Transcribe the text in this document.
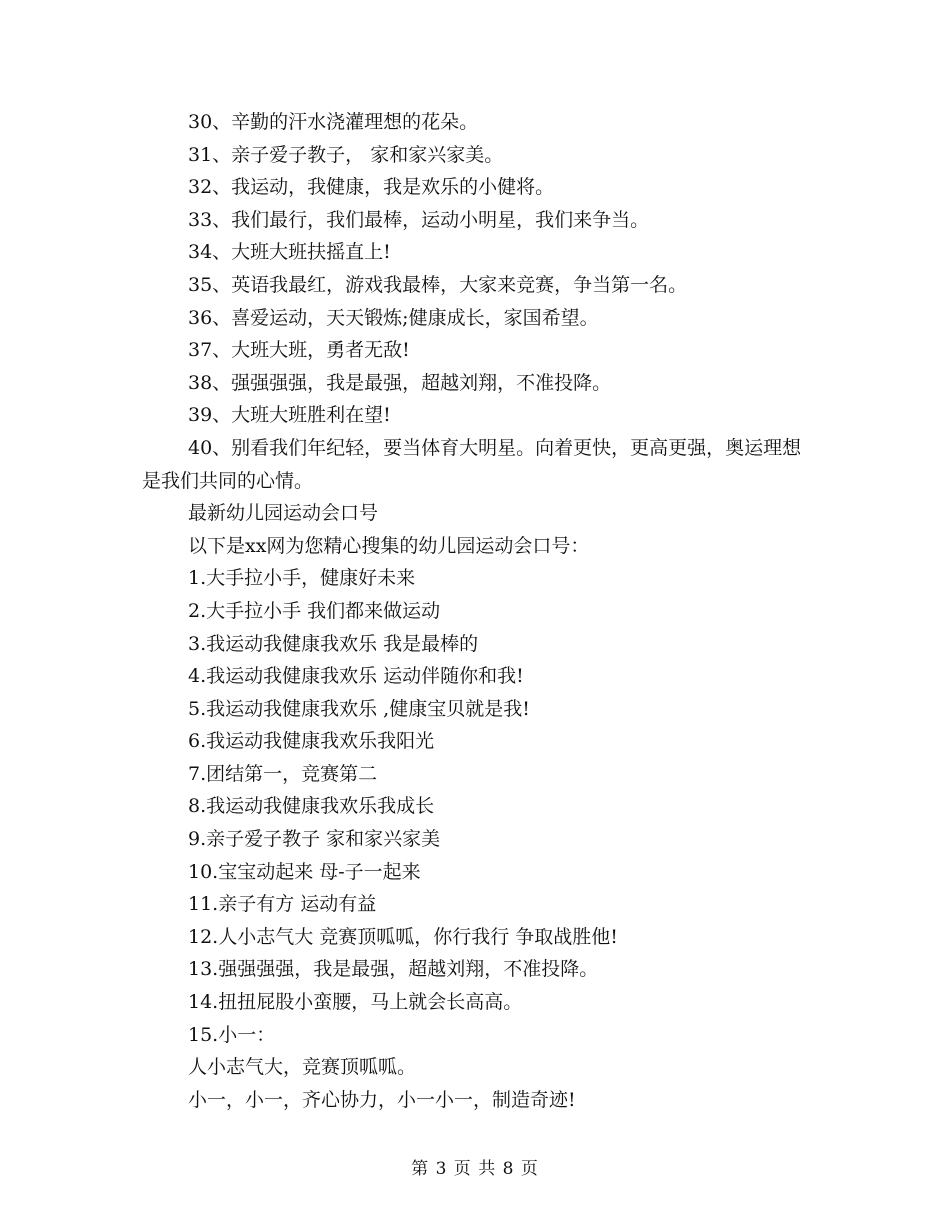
30、辛勤的汗水浇灌理想的花朵。
31、亲子爱子教子， 家和家兴家美。
32、我运动，我健康，我是欢乐的小健将。
33、我们最行，我们最棒，运动小明星，我们来争当。
34、大班大班扶摇直上!
35、英语我最红，游戏我最棒，大家来竞赛，争当第一名。
36、喜爱运动，天天锻炼;健康成长，家国希望。
37、大班大班，勇者无敌!
38、强强强强，我是最强，超越刘翔，不准投降。
39、大班大班胜利在望!
40、别看我们年纪轻，要当体育大明星。向着更快，更高更强，奥运理想是我们共同的心情。
最新幼儿园运动会口号
以下是xx网为您精心搜集的幼儿园运动会口号：
1.大手拉小手，健康好未来
2.大手拉小手 我们都来做运动
3.我运动我健康我欢乐 我是最棒的
4.我运动我健康我欢乐 运动伴随你和我!
5.我运动我健康我欢乐 ,健康宝贝就是我!
6.我运动我健康我欢乐我阳光
7.团结第一，竞赛第二
8.我运动我健康我欢乐我成长
9.亲子爱子教子 家和家兴家美
10.宝宝动起来 母-子一起来
11.亲子有方 运动有益
12.人小志气大 竞赛顶呱呱，你行我行 争取战胜他!
13.强强强强，我是最强，超越刘翔，不准投降。
14.扭扭屁股小蛮腰，马上就会长高高。
15.小一：
人小志气大，竞赛顶呱呱。
小一，小一，齐心协力，小一小一，制造奇迹!
第 3 页 共 8 页
